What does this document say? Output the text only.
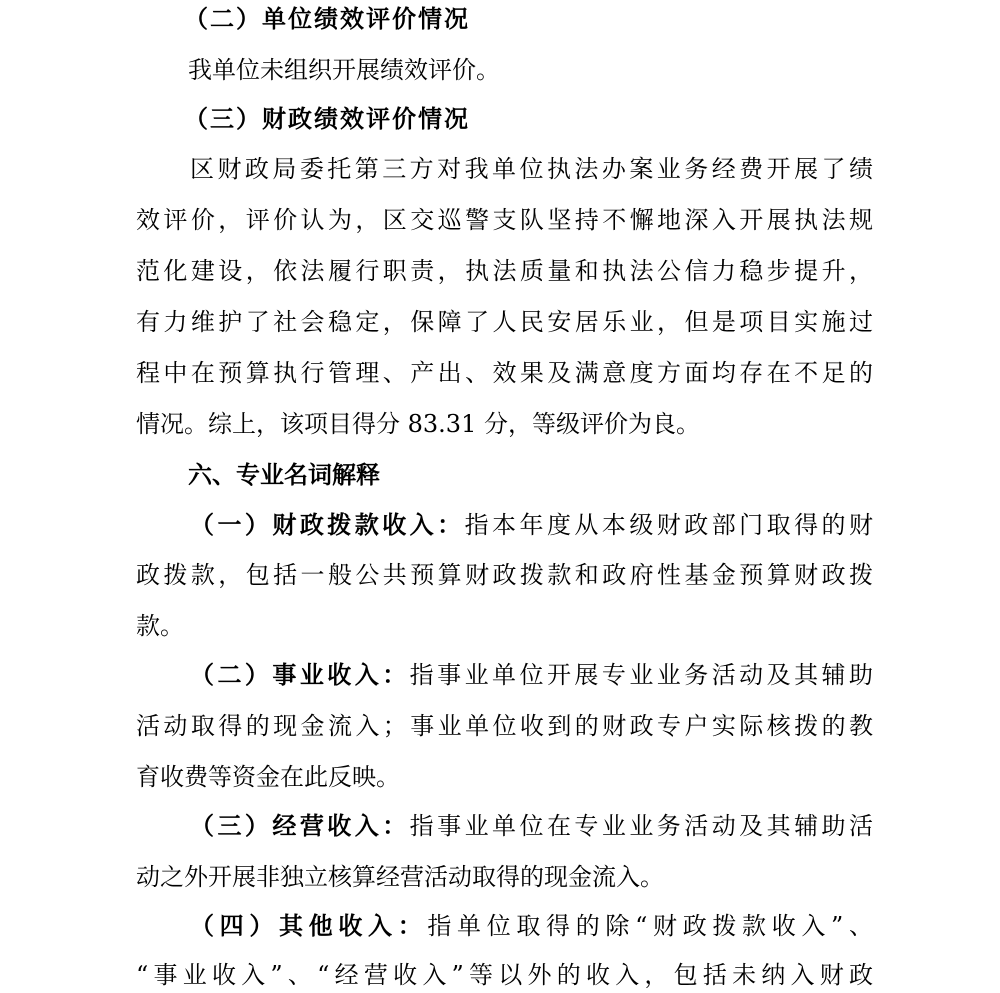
（二）单位绩效评价情况

我单位未组织开展绩效评价。

（三）财政绩效评价情况

区财政局委托第三方对我单位执法办案业务经费开展了绩

效评价，评价认为，区交巡警支队坚持不懈地深入开展执法规

范化建设，依法履行职责，执法质量和执法公信力稳步提升，

有力维护了社会稳定，保障了人民安居乐业，但是项目实施过

程中在预算执行管理、产出、效果及满意度方面均存在不足的

情况。综上，该项目得分 83.31 分，等级评价为良。

六、专业名词解释

（一）财政拨款收入：指本年度从本级财政部门取得的财

政拨款，包括一般公共预算财政拨款和政府性基金预算财政拨

款。

（二）事业收入：指事业单位开展专业业务活动及其辅助

活动取得的现金流入；事业单位收到的财政专户实际核拨的教

育收费等资金在此反映。

（三）经营收入：指事业单位在专业业务活动及其辅助活

动之外开展非独立核算经营活动取得的现金流入。

（四）其他收入：指单位取得的除“财政拨款收入”、

“事业收入”、“经营收入”等以外的收入，包括未纳入财政
